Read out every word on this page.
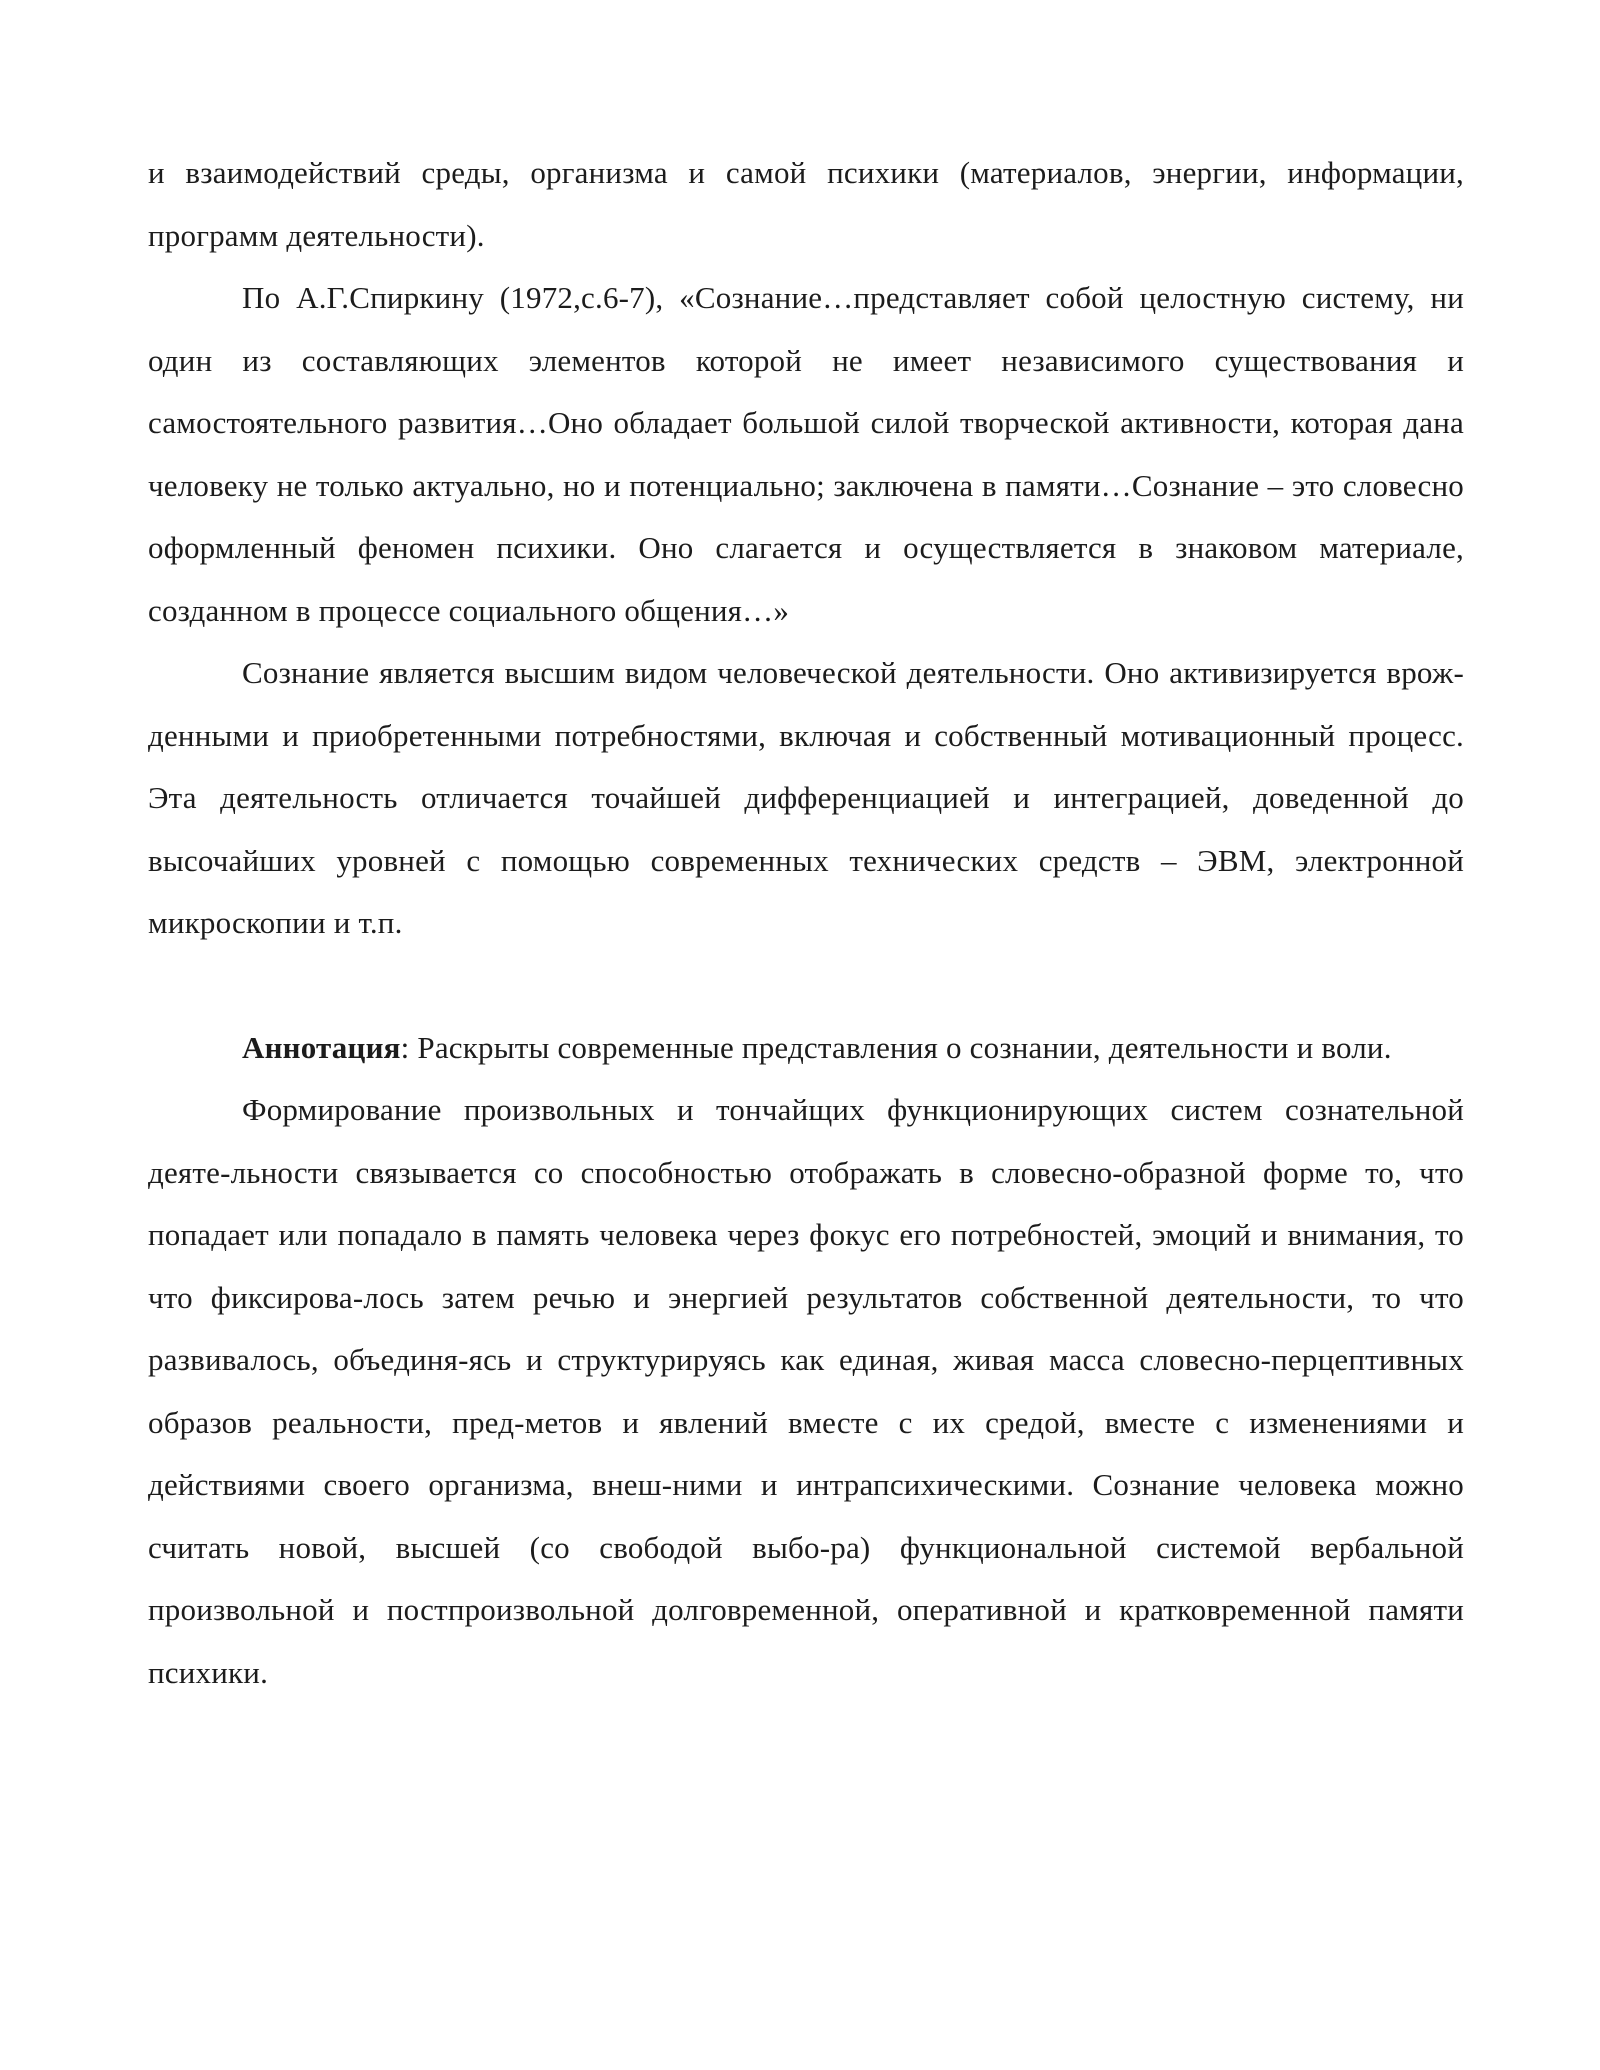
и взаимодействий среды, организма и самой психики (материалов, энергии, информации, программ деятельности).

По А.Г.Спиркину (1972,с.6-7), «Сознание…представляет собой целостную систему, ни один из составляющих элементов которой не имеет независимого существования и самостоятельного развития…Оно обладает большой силой творческой активности, которая дана человеку не только актуально, но и потенциально; заключена в памяти…Сознание – это словесно оформленный феномен психики. Оно слагается и осуществляется в знаковом материале, созданном в процессе социального общения…»

Сознание является высшим видом человеческой деятельности. Оно активизируется врож-денными и приобретенными потребностями, включая и собственный мотивационный процесс. Эта деятельность отличается точайшей дифференциацией и интеграцией, доведенной до высочайших уровней с помощью современных технических средств – ЭВМ, электронной микроскопии и т.п.

Аннотация: Раскрыты современные представления о сознании, деятельности и воли.

Формирование произвольных и тончайщих функционирующих систем сознательной деяте-льности связывается со способностью отображать в словесно-образной форме то, что попадает или попадало в память человека через фокус его потребностей, эмоций и внимания, то что фиксирова-лось затем речью и энергией результатов собственной деятельности, то что развивалось, объединя-ясь и структурируясь как единая, живая масса словесно-перцептивных образов реальности, пред-метов и явлений вместе с их средой, вместе с изменениями и действиями своего организма, внеш-ними и интрапсихическими. Сознание человека можно считать новой, высшей (со свободой выбо-ра) функциональной системой вербальной произвольной и постпроизвольной долговременной, оперативной и кратковременной памяти психики.
